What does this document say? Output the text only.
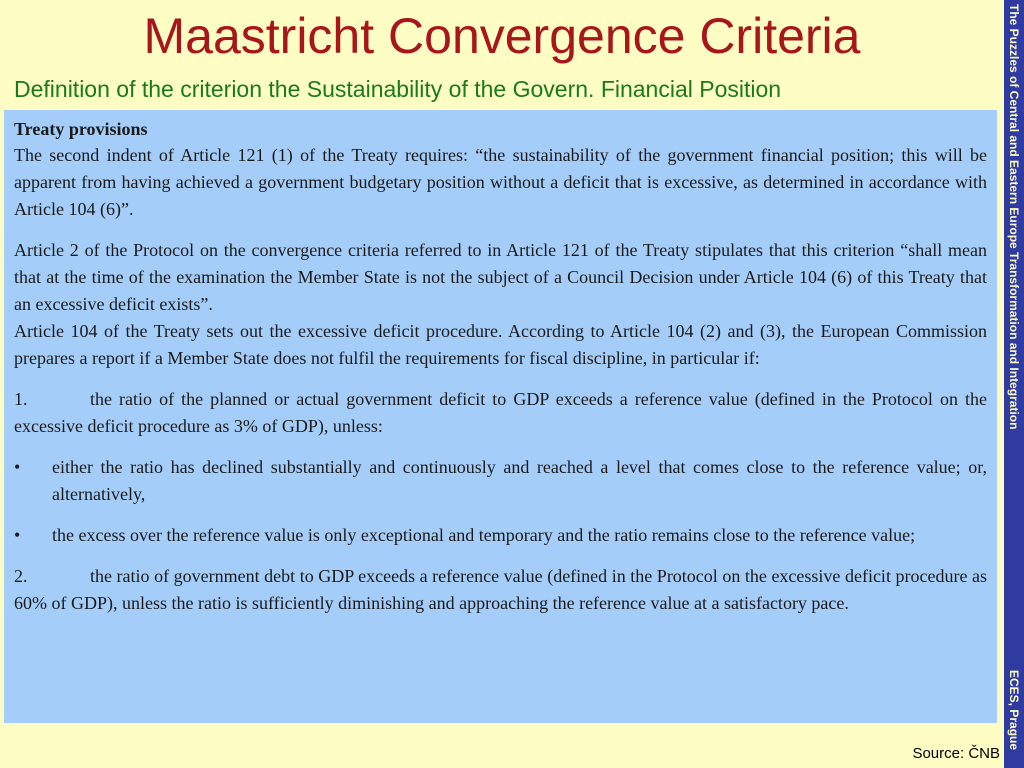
Maastricht Convergence Criteria
Definition of the criterion the Sustainability of the Govern. Financial Position	The Puzzles of Central and Eastern Europe Transformation and Integration
ECES, Prague

Treaty provisions

The second indent of Article 121 (1) of the Treaty requires: “the sustainability of the government financial position; this will be apparent from having achieved a government budgetary position without a deficit that is excessive, as determined in accordance with Article 104 (6)”.

Article 2 of the Protocol on the convergence criteria referred to in Article 121 of the Treaty stipulates that this criterion “shall mean that at the time of the examination the Member State is not the subject of a Council Decision under Article 104 (6) of this Treaty that an excessive deficit exists”.

Article 104 of the Treaty sets out the excessive deficit procedure. According to Article 104 (2) and (3), the European Commission prepares a report if a Member State does not fulfil the requirements for fiscal discipline, in particular if:

1.	the ratio of the planned or actual government deficit to GDP exceeds a reference value (defined in the Protocol on the excessive deficit procedure as 3% of GDP), unless:

•	either the ratio has declined substantially and continuously and reached a level that comes close to the reference value; or, alternatively,
•	the excess over the reference value is only exceptional and temporary and the ratio remains close to the reference value;

2.	the ratio of government debt to GDP exceeds a reference value (defined in the Protocol on the excessive deficit procedure as 60% of GDP), unless the ratio is sufficiently diminishing and approaching the reference value at a satisfactory pace.

Source: ČNB
